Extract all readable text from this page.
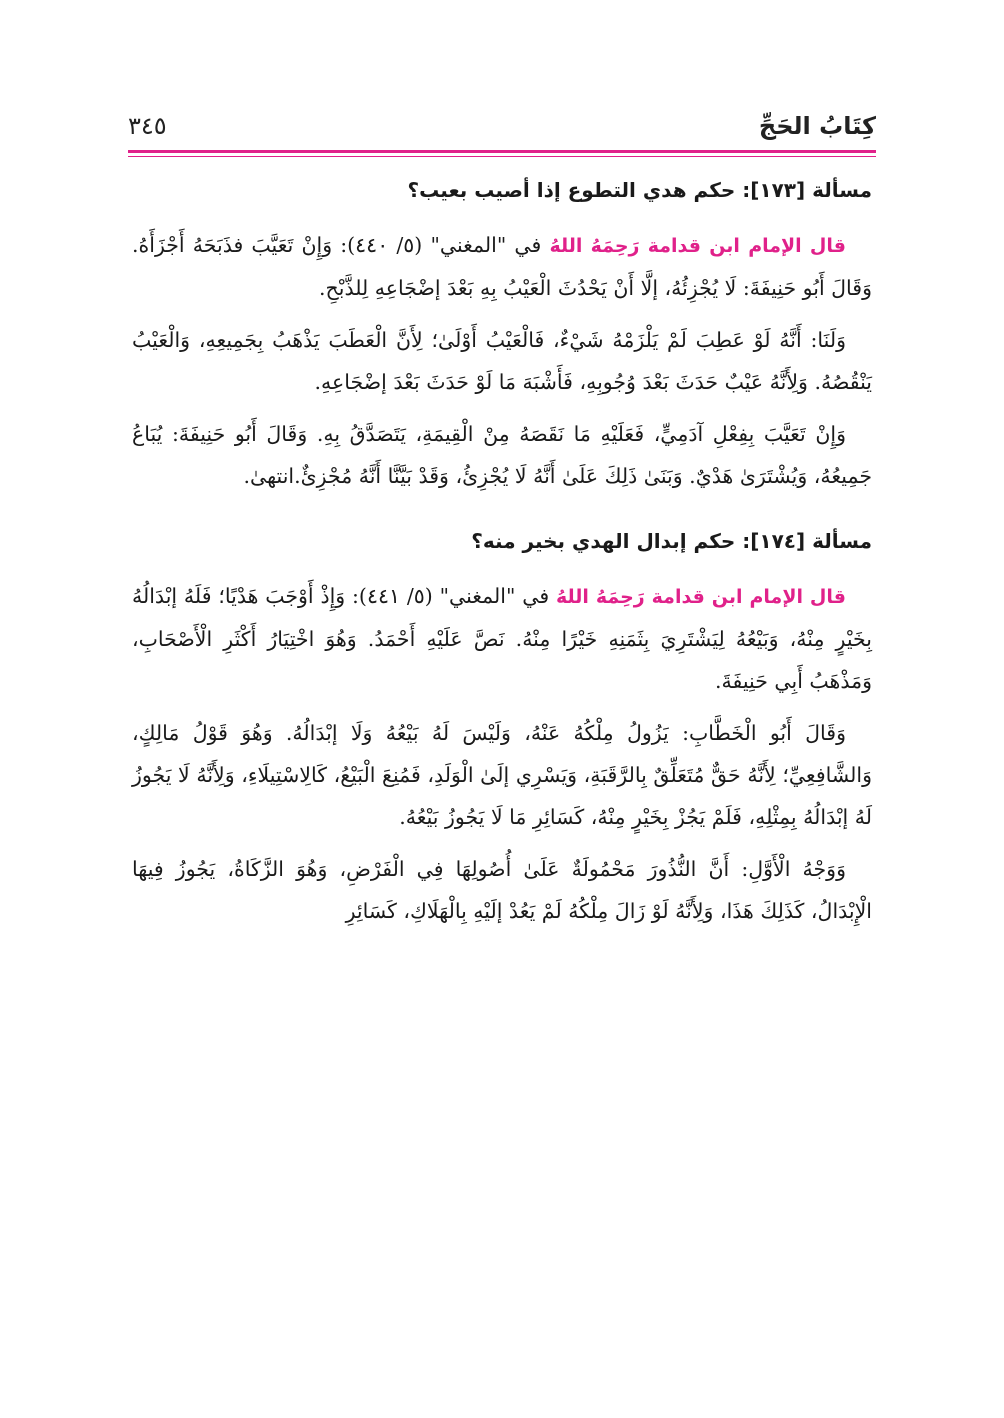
كِتَابُ الحَجِّ
٣٤٥
مسألة [١٧٣]: حكم هدي التطوع إذا أصيب بعيب؟

قال الإمام ابن قدامة رَحِمَهُ اللهُ في "المغني" (٥/ ٤٤٠): وَإِنْ تَعَيَّبَ فذَبَحَهُ أَجْزَأَهُ. وَقَالَ أَبُو حَنِيفَةَ: لَا يُجْزِئُهُ، إلَّا أَنْ يَحْدُثَ الْعَيْبُ بِهِ بَعْدَ إضْجَاعِهِ لِلذَّبْحِ.

وَلَنَا: أَنَّهُ لَوْ عَطِبَ لَمْ يَلْزَمْهُ شَيْءٌ، فَالْعَيْبُ أَوْلَىٰ؛ لِأَنَّ الْعَطَبَ يَذْهَبُ بِجَمِيعِهِ، وَالْعَيْبُ يَنْقُصُهُ. وَلِأَنَّهُ عَيْبٌ حَدَثَ بَعْدَ وُجُوبِهِ، فَأَشْبَهَ مَا لَوْ حَدَثَ بَعْدَ إضْجَاعِهِ.

وَإِنْ تَعَيَّبَ بِفِعْلِ آدَمِيٍّ، فَعَلَيْهِ مَا نَقَصَهُ مِنْ الْقِيمَةِ، يَتَصَدَّقُ بِهِ. وَقَالَ أَبُو حَنِيفَةَ: يُبَاعُ جَمِيعُهُ، وَيُشْتَرَىٰ هَدْيٌ. وَبَنَىٰ ذَلِكَ عَلَىٰ أَنَّهُ لَا يُجْزِئُ، وَقَدْ بَيَّنَّا أَنَّهُ مُجْزِئٌ.انتهىٰ.

مسألة [١٧٤]: حكم إبدال الهدي بخير منه؟

قال الإمام ابن قدامة رَحِمَهُ اللهُ في "المغني" (٥/ ٤٤١): وَإِذْ أَوْجَبَ هَدْيًا؛ فَلَهُ إبْدَالُهُ بِخَيْرٍ مِنْهُ، وَبَيْعُهُ لِيَشْتَرِيَ بِثَمَنِهِ خَيْرًا مِنْهُ. نَصَّ عَلَيْهِ أَحْمَدُ. وَهُوَ اخْتِيَارُ أَكْثَرِ الْأَصْحَابِ، وَمَذْهَبُ أَبِي حَنِيفَةَ.

وَقَالَ أَبُو الْخَطَّابِ: يَزُولُ مِلْكُهُ عَنْهُ، وَلَيْسَ لَهُ بَيْعُهُ وَلَا إبْدَالُهُ. وَهُوَ قَوْلُ مَالِكٍ، وَالشَّافِعِيِّ؛ لِأَنَّهُ حَقٌّ مُتَعَلِّقٌ بِالرَّقَبَةِ، وَيَسْرِي إلَىٰ الْوَلَدِ، فَمُنِعَ الْبَيْعُ، كَالِاسْتِيلَاءِ، وَلِأَنَّهُ لَا يَجُوزُ لَهُ إبْدَالُهُ بِمِثْلِهِ، فَلَمْ يَجُزْ بِخَيْرٍ مِنْهُ، كَسَائِرِ مَا لَا يَجُوزُ بَيْعُهُ.

وَوَجْهُ الْأَوَّلِ: أَنَّ النُّذُورَ مَحْمُولَةٌ عَلَىٰ أُصُولِهَا فِي الْفَرْضِ، وَهُوَ الزَّكَاةُ، يَجُوزُ فِيهَا الْإِبْدَالُ، كَذَلِكَ هَذَا، وَلِأَنَّهُ لَوْ زَالَ مِلْكُهُ لَمْ يَعُدْ إلَيْهِ بِالْهَلَاكِ، كَسَائِرِ
